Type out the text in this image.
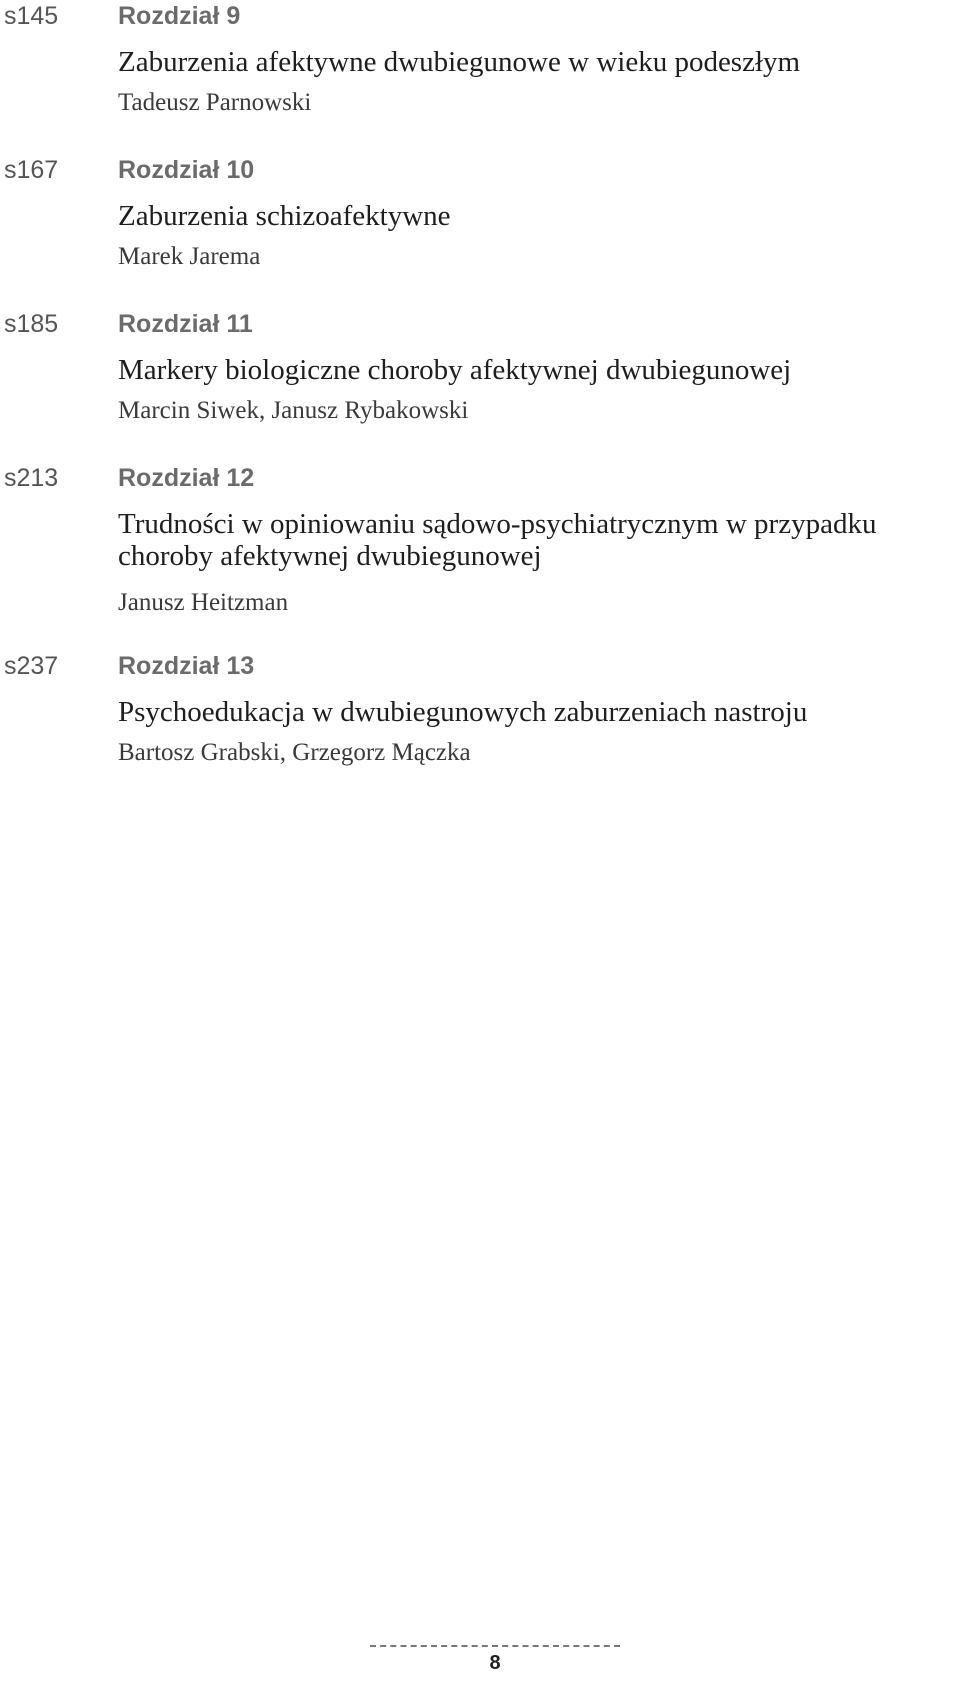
s145 Rozdział 9
Zaburzenia afektywne dwubiegunowe w wieku podeszłym
Tadeusz Parnowski
s167 Rozdział 10
Zaburzenia schizoafektywne
Marek Jarema
s185 Rozdział 11
Markery biologiczne choroby afektywnej dwubiegunowej
Marcin Siwek, Janusz Rybakowski
s213 Rozdział 12
Trudności w opiniowaniu sądowo-psychiatrycznym w przypadku choroby afektywnej dwubiegunowej
Janusz Heitzman
s237 Rozdział 13
Psychoedukacja w dwubiegunowych zaburzeniach nastroju
Bartosz Grabski, Grzegorz Mączka
8
